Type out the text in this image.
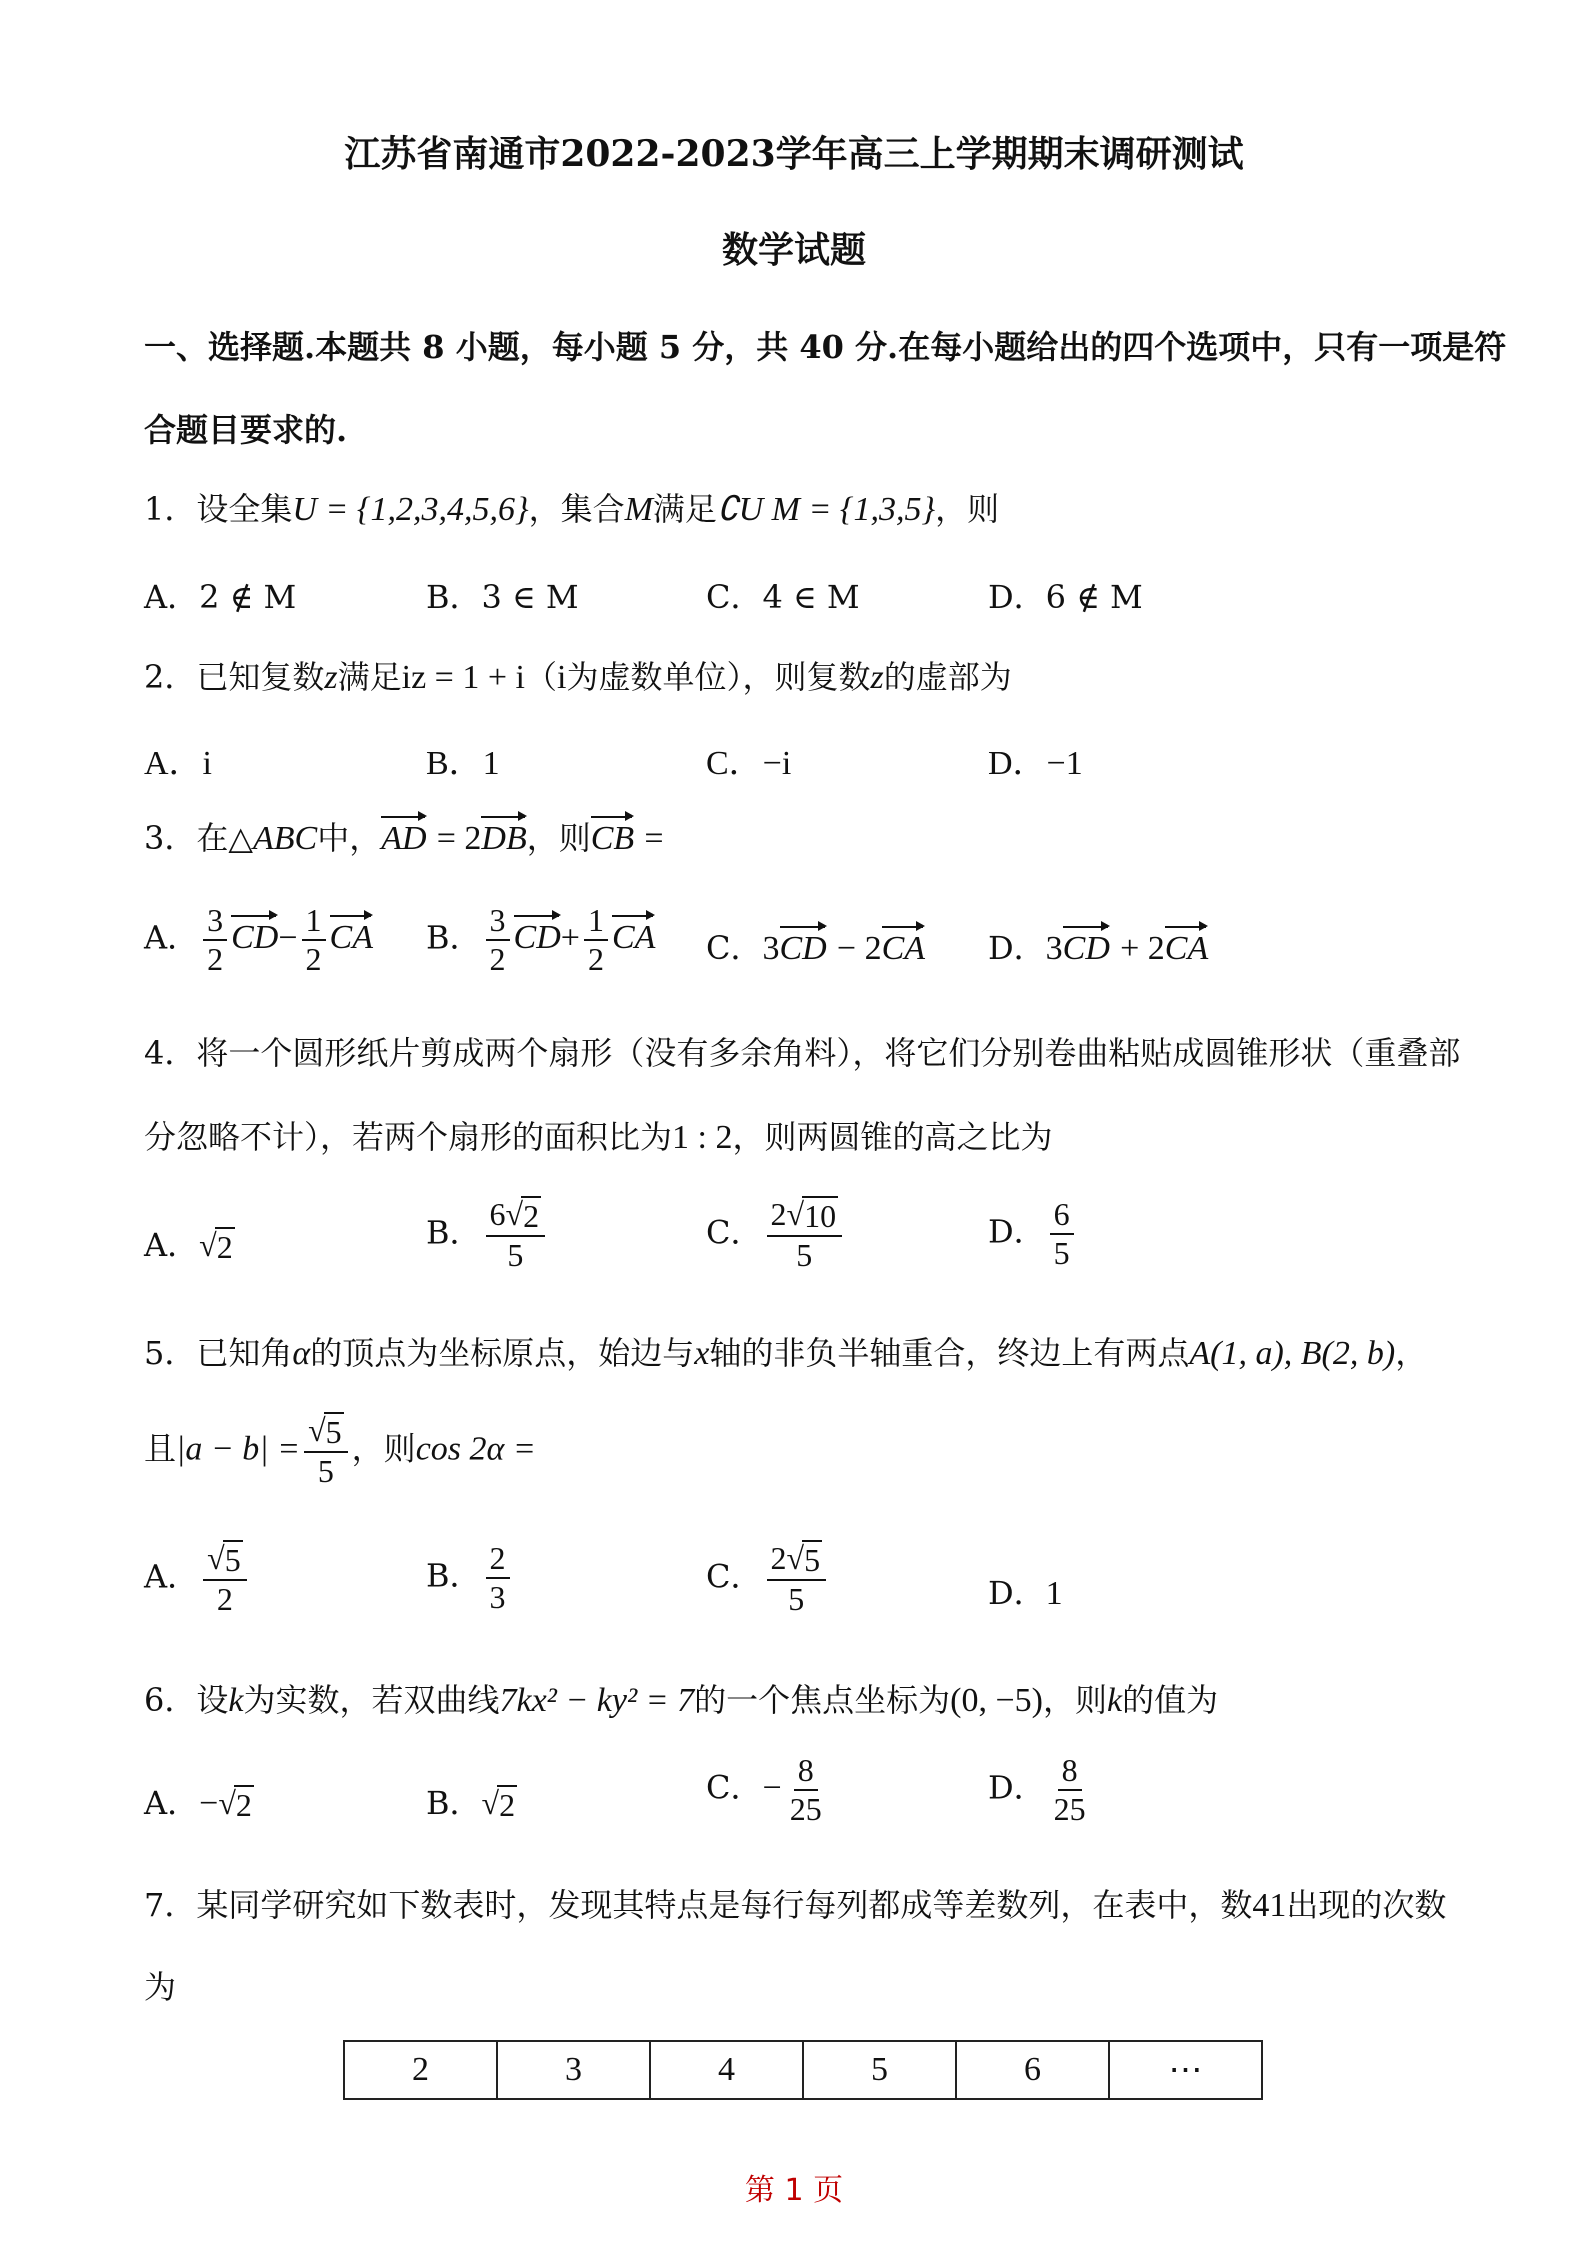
江苏省南通市2022-2023学年高三上学期期末调研测试
数学试题
一、选择题.本题共 8 小题，每小题 5 分，共 40 分.在每小题给出的四个选项中，只有一项是符
合题目要求的.
1．设全集U = {1,2,3,4,5,6}，集合M满足∁U M = {1,3,5}，则
A．2 ∉ M	B．3 ∈ M	C．4 ∈ M	D．6 ∉ M
2．已知复数z满足iz = 1 + i（i为虚数单位），则复数z的虚部为
A．i	B．1	C．−i	D．−1
3．在△ABC中，AD = 2DB，则CB =
A． $\frac{3}{2} CD- \frac{1}{2}$ CA B． $\frac{3}{2} CD+ \frac{1}{2}$ CA C．3CD − 2CA D．3CD + 2CA
4．将一个圆形纸片剪成两个扇形（没有多余角料），将它们分别卷曲粘贴成圆锥形状（重叠部
分忽略不计），若两个扇形的面积比为1 : 2，则两圆锥的高之比为
A． √ 2	B． $\frac{6 √ 2}{5}$	C． $\frac{2 √ 10}{5}$	D． $\frac{6}{5}$
5．已知角α的顶点为坐标原点，始边与x轴的非负半轴重合，终边上有两点A(1, a), B(2, b)，
且$|a - b| = \frac{√ 5}{5}$ ，则cos 2α =
A． $\frac{√ 5}{2}$	B． $\frac{2}{3}$	C． $\frac{2 √ 5}{5}$	D．1
6．设k为实数，若双曲线7kx² − ky² = 7的一个焦点坐标为(0, −5)，则k的值为
A．− √ 2	B． √ 2	C．− $\frac{8}{25}$	D． $\frac{8}{25}$
7．某同学研究如下数表时，发现其特点是每行每列都成等差数列，在表中，数41出现的次数
为
2	3	4	5	6	⋯
第 1 页
